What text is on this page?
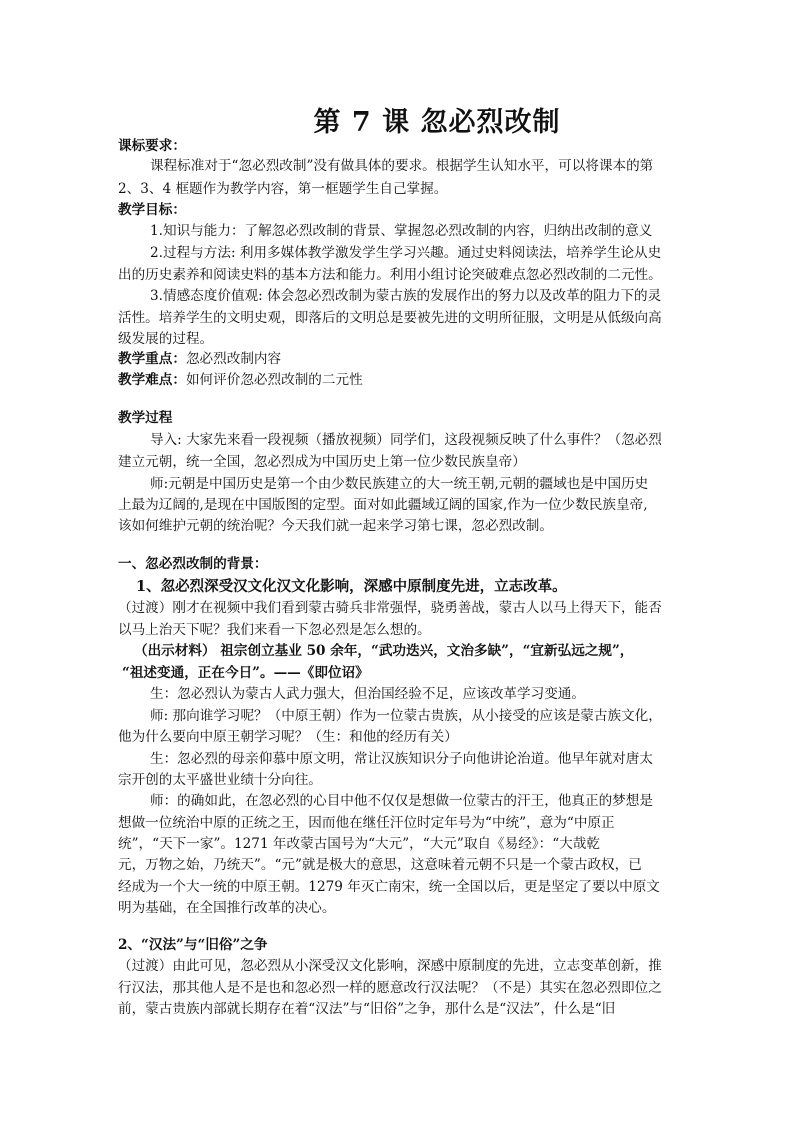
第 7 课 忽必烈改制
课标要求：
课程标准对于“忽必烈改制”没有做具体的要求。根据学生认知水平，可以将课本的第
2、3、4 框题作为教学内容，第一框题学生自己掌握。
教学目标：
1.知识与能力：了解忽必烈改制的背景、掌握忽必烈改制的内容，归纳出改制的意义
2.过程与方法: 利用多媒体教学激发学生学习兴趣。通过史料阅读法，培养学生论从史
出的历史素养和阅读史料的基本方法和能力。利用小组讨论突破难点忽必烈改制的二元性。
3.情感态度价值观: 体会忽必烈改制为蒙古族的发展作出的努力以及改革的阻力下的灵
活性。培养学生的文明史观，即落后的文明总是要被先进的文明所征服，文明是从低级向高
级发展的过程。
教学重点：忽必烈改制内容
教学难点：如何评价忽必烈改制的二元性
教学过程
导入: 大家先来看一段视频（播放视频）同学们，这段视频反映了什么事件？（忽必烈
建立元朝，统一全国，忽必烈成为中国历史上第一位少数民族皇帝）
师:元朝是中国历史是第一个由少数民族建立的大一统王朝,元朝的疆域也是中国历史
上最为辽阔的,是现在中国版图的定型。面对如此疆域辽阔的国家,作为一位少数民族皇帝,
该如何维护元朝的统治呢？今天我们就一起来学习第七课，忽必烈改制。
一、忽必烈改制的背景：
1、忽必烈深受汉文化汉文化影响，深感中原制度先进，立志改革。
（过渡）刚才在视频中我们看到蒙古骑兵非常强悍，骁勇善战，蒙古人以马上得天下，能否
以马上治天下呢？我们来看一下忽必烈是怎么想的。
（出示材料） 祖宗创立基业 50 余年，“武功迭兴，文治多缺”，“宜新弘远之规”，
“祖述变通，正在今日”。——《即位诏》
生：忽必烈认为蒙古人武力强大，但治国经验不足，应该改革学习变通。
师: 那向谁学习呢？（中原王朝）作为一位蒙古贵族，从小接受的应该是蒙古族文化，
他为什么要向中原王朝学习呢？（生：和他的经历有关）
生：忽必烈的母亲仰慕中原文明，常让汉族知识分子向他讲论治道。他早年就对唐太
宗开创的太平盛世业绩十分向往。
师：的确如此，在忽必烈的心目中他不仅仅是想做一位蒙古的汗王，他真正的梦想是
想做一位统治中原的正统之王，因而他在继任汗位时定年号为“中统”，意为“中原正
统”，“天下一家”。1271 年改蒙古国号为“大元”，“大元”取自《易经》：“大哉乾
元，万物之始，乃统天”。“元”就是极大的意思，这意味着元朝不只是一个蒙古政权，已
经成为一个大一统的中原王朝。1279 年灭亡南宋，统一全国以后，更是坚定了要以中原文
明为基础，在全国推行改革的决心。
2、“汉法”与“旧俗”之争
（过渡）由此可见，忽必烈从小深受汉文化影响，深感中原制度的先进，立志变革创新，推
行汉法，那其他人是不是也和忽必烈一样的愿意改行汉法呢？（不是）其实在忽必烈即位之
前，蒙古贵族内部就长期存在着“汉法”与“旧俗”之争，那什么是“汉法”，什么是“旧
